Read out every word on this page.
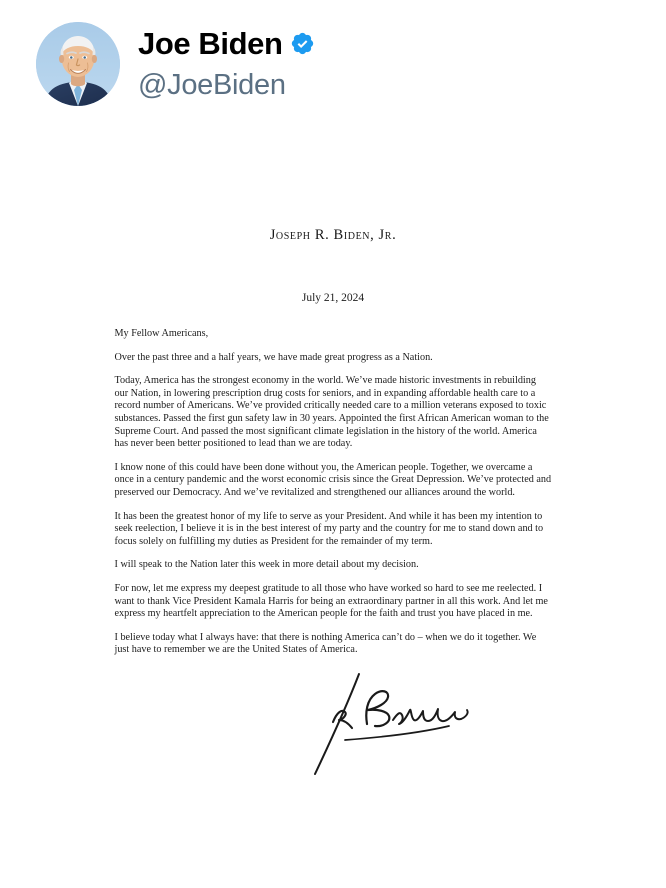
Joe Biden
@JoeBiden
Joseph R. Biden, Jr.
July 21, 2024

My Fellow Americans,

Over the past three and a half years, we have made great progress as a Nation.

Today, America has the strongest economy in the world. We’ve made historic investments in rebuilding our Nation, in lowering prescription drug costs for seniors, and in expanding affordable health care to a record number of Americans. We’ve provided critically needed care to a million veterans exposed to toxic substances. Passed the first gun safety law in 30 years. Appointed the first African American woman to the Supreme Court. And passed the most significant climate legislation in the history of the world. America has never been better positioned to lead than we are today.

I know none of this could have been done without you, the American people. Together, we overcame a once in a century pandemic and the worst economic crisis since the Great Depression. We’ve protected and preserved our Democracy. And we’ve revitalized and strengthened our alliances around the world.

It has been the greatest honor of my life to serve as your President. And while it has been my intention to seek reelection, I believe it is in the best interest of my party and the country for me to stand down and to focus solely on fulfilling my duties as President for the remainder of my term.

I will speak to the Nation later this week in more detail about my decision.

For now, let me express my deepest gratitude to all those who have worked so hard to see me reelected. I want to thank Vice President Kamala Harris for being an extraordinary partner in all this work. And let me express my heartfelt appreciation to the American people for the faith and trust you have placed in me.

I believe today what I always have: that there is nothing America can’t do – when we do it together. We just have to remember we are the United States of America.
